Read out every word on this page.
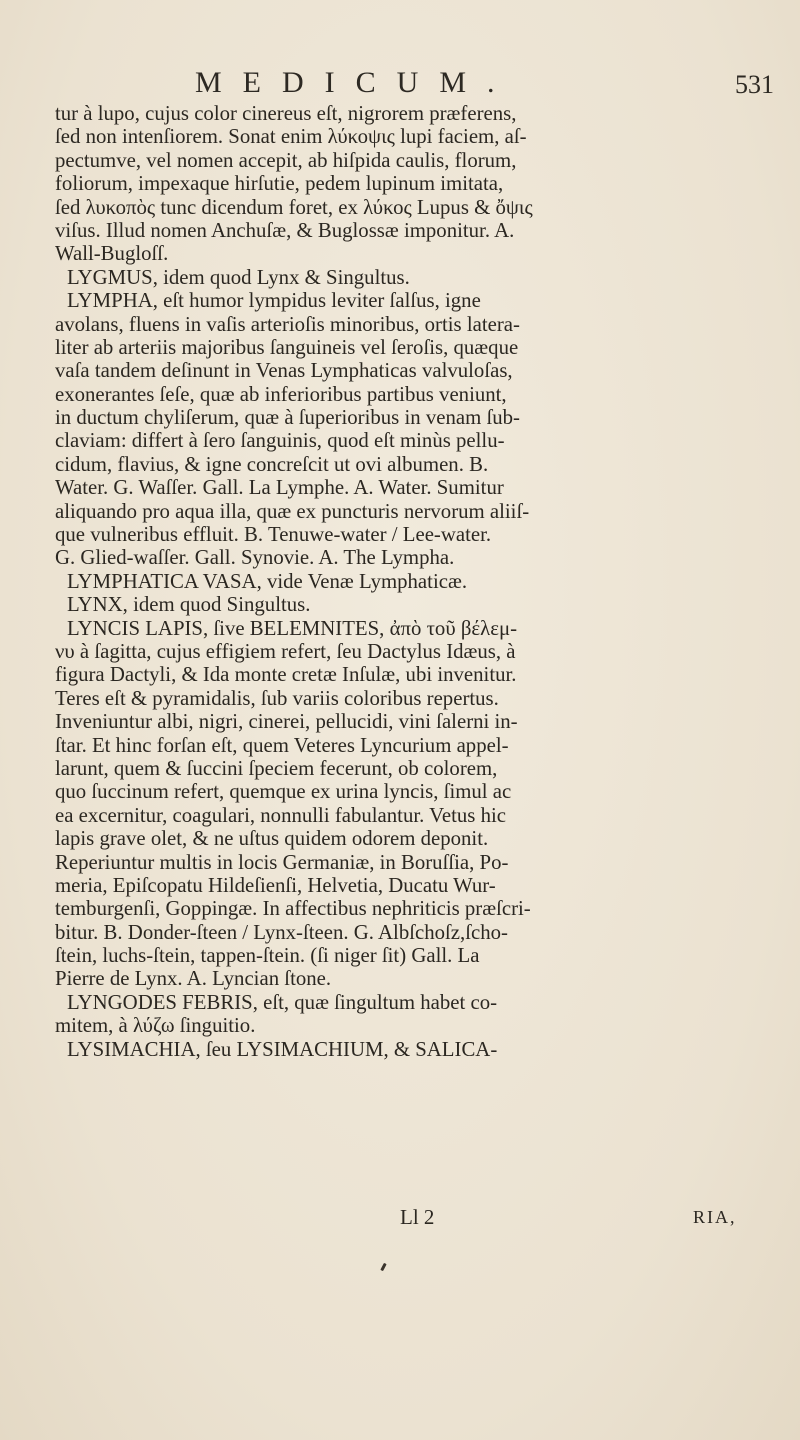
MEDICUM.	531
tur à lupo, cujus color cinereus eſt, nigrorem præferens,
ſed non intenſiorem. Sonat enim λύκοψις lupi faciem, aſ-
pectumve, vel nomen accepit, ab hiſpida caulis, florum,
foliorum, impexaque hirſutie, pedem lupinum imitata,
ſed λυκοπὸς tunc dicendum foret, ex λύκος Lupus & ὄψις
viſus. Illud nomen Anchuſæ, & Buglossæ imponitur. A.
Wall-Bugloſſ.
LYGMUS, idem quod Lynx & Singultus.
LYMPHA, eſt humor lympidus leviter ſalſus, igne
avolans, fluens in vaſis arterioſis minoribus, ortis latera-
liter ab arteriis majoribus ſanguineis vel ſeroſis, quæque
vaſa tandem deſinunt in Venas Lymphaticas valvuloſas,
exonerantes ſeſe, quæ ab inferioribus partibus veniunt,
in ductum chyliſerum, quæ à ſuperioribus in venam ſub-
claviam: differt à ſero ſanguinis, quod eſt minùs pellu-
cidum, flavius, & igne concreſcit ut ovi albumen. B.
Water. G. Waſſer. Gall. La Lymphe. A. Water. Sumitur
aliquando pro aqua illa, quæ ex puncturis nervorum aliiſ-
que vulneribus effluit. B. Tenuwe-water / Lee-water.
G. Glied-waſſer. Gall. Synovie. A. The Lympha.
LYMPHATICA VASA, vide Venæ Lymphaticæ.
LYNX, idem quod Singultus.
LYNCIS LAPIS, ſive BELEMNITES, ἀπὸ τοῦ βέλεμ-
νυ à ſagitta, cujus effigiem refert, ſeu Dactylus Idæus, à
figura Dactyli, & Ida monte cretæ Inſulæ, ubi invenitur.
Teres eſt & pyramidalis, ſub variis coloribus repertus.
Inveniuntur albi, nigri, cinerei, pellucidi, vini ſalerni in-
ſtar. Et hinc forſan eſt, quem Veteres Lyncurium appel-
larunt, quem & ſuccini ſpeciem fecerunt, ob colorem,
quo ſuccinum refert, quemque ex urina lyncis, ſimul ac
ea excernitur, coagulari, nonnulli fabulantur. Vetus hic
lapis grave olet, & ne uſtus quidem odorem deponit.
Reperiuntur multis in locis Germaniæ, in Boruſſia, Po-
meria, Epiſcopatu Hildeſienſi, Helvetia, Ducatu Wur-
temburgenſi, Goppingæ. In affectibus nephriticis præſcri-
bitur. B. Donder-ſteen / Lynx-ſteen. G. Albſchoſz,ſcho-
ſtein, luchs-ſtein, tappen-ſtein. (ſi niger ſit) Gall. La
Pierre de Lynx. A. Lyncian ſtone.
LYNGODES FEBRIS, eſt, quæ ſingultum habet co-
mitem, à λύζω ſinguitio.
LYSIMACHIA, ſeu LYSIMACHIUM, & SALICA-
Ll 2	RIA,
